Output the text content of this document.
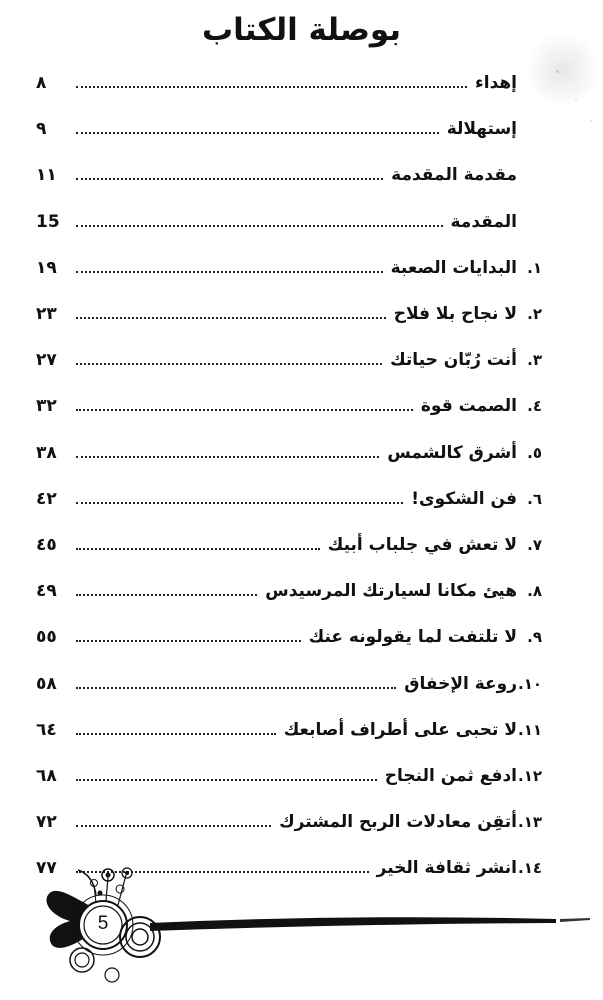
بوصلة الكتاب
إهداء
٨
إستهلالة
٩
مقدمة المقدمة
١١
المقدمة
15
١.
البدايات الصعبة
١٩
٢.
لا نجاح بلا فلاح
٢٣
٣.
أنت رُبّان حياتك
٢٧
٤.
الصمت قوة
٣٢
٥.
أشرق كالشمس
٣٨
٦.
فن الشكوى!
٤٢
٧.
لا تعش في جلباب أبيك
٤٥
٨.
هيئ مكانا لسيارتك المرسيدس
٤٩
٩.
لا تلتفت لما يقولونه عنك
٥٥
١٠.
روعة الإخفاق
٥٨
١١.
لا تحبى على أطراف أصابعك
٦٤
١٢.
ادفع ثمن النجاح
٦٨
١٣.
أتقِن معادلات الربح المشترك
٧٢
١٤.
انشر ثقافة الخير
٧٧
5
